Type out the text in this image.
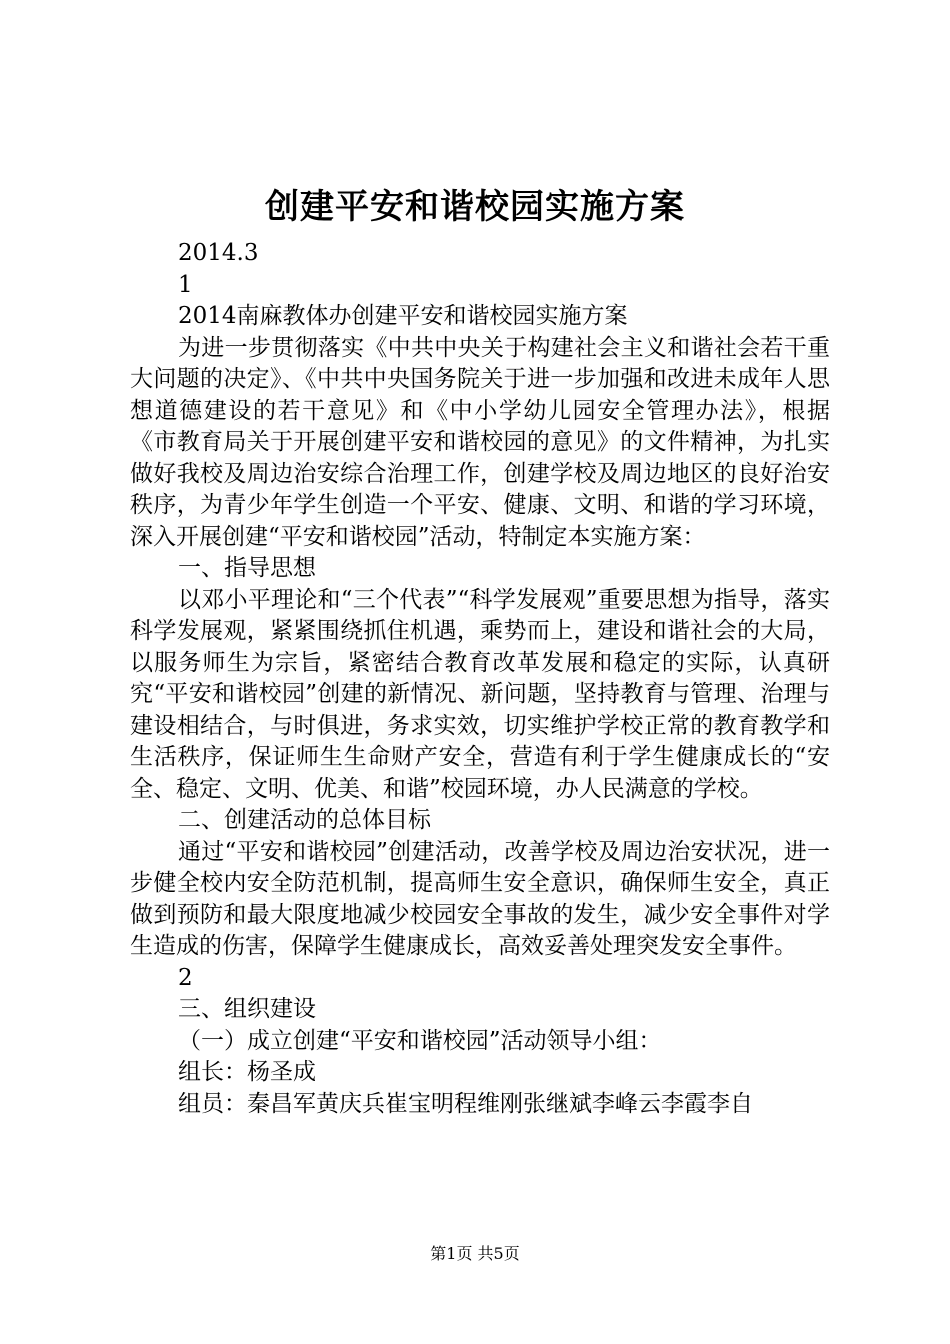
创建平安和谐校园实施方案

2014.3

1

2014南麻教体办创建平安和谐校园实施方案

为进一步贯彻落实《中共中央关于构建社会主义和谐社会若干重大问题的决定》、《中共中央国务院关于进一步加强和改进未成年人思想道德建设的若干意见》和《中小学幼儿园安全管理办法》，根据《市教育局关于开展创建平安和谐校园的意见》的文件精神，为扎实做好我校及周边治安综合治理工作，创建学校及周边地区的良好治安秩序，为青少年学生创造一个平安、健康、文明、和谐的学习环境，深入开展创建“平安和谐校园”活动，特制定本实施方案：

一、指导思想

以邓小平理论和“三个代表”“科学发展观”重要思想为指导，落实科学发展观，紧紧围绕抓住机遇，乘势而上，建设和谐社会的大局，以服务师生为宗旨，紧密结合教育改革发展和稳定的实际，认真研究“平安和谐校园”创建的新情况、新问题，坚持教育与管理、治理与建设相结合，与时俱进，务求实效，切实维护学校正常的教育教学和生活秩序，保证师生生命财产安全，营造有利于学生健康成长的“安全、稳定、文明、优美、和谐”校园环境，办人民满意的学校。

二、创建活动的总体目标

通过“平安和谐校园”创建活动，改善学校及周边治安状况，进一步健全校内安全防范机制，提高师生安全意识，确保师生安全，真正做到预防和最大限度地减少校园安全事故的发生，减少安全事件对学生造成的伤害，保障学生健康成长，高效妥善处理突发安全事件。

2

三、组织建设

（一）成立创建“平安和谐校园”活动领导小组：

组长：杨圣成

组员：秦昌军黄庆兵崔宝明程维刚张继斌李峰云李霞李自

第1页 共5页
